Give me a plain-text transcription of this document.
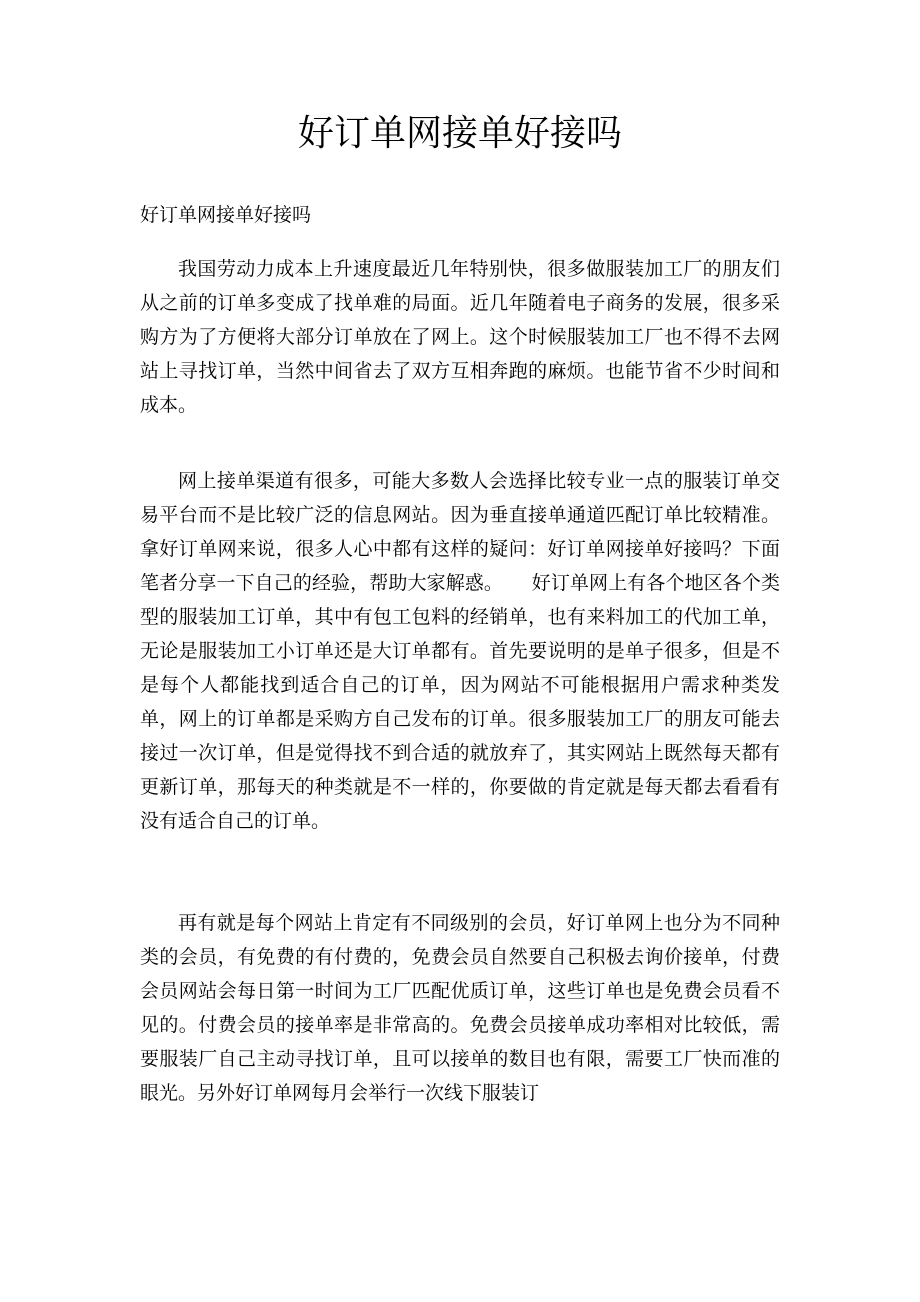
好订单网接单好接吗

好订单网接单好接吗

我国劳动力成本上升速度最近几年特别快，很多做服装加工厂的朋友们从之前的订单多变成了找单难的局面。近几年随着电子商务的发展，很多采购方为了方便将大部分订单放在了网上。这个时候服装加工厂也不得不去网站上寻找订单，当然中间省去了双方互相奔跑的麻烦。也能节省不少时间和成本。

网上接单渠道有很多，可能大多数人会选择比较专业一点的服装订单交易平台而不是比较广泛的信息网站。因为垂直接单通道匹配订单比较精准。拿好订单网来说，很多人心中都有这样的疑问：好订单网接单好接吗？下面笔者分享一下自己的经验，帮助大家解惑。　　好订单网上有各个地区各个类型的服装加工订单，其中有包工包料的经销单，也有来料加工的代加工单，无论是服装加工小订单还是大订单都有。首先要说明的是单子很多，但是不是每个人都能找到适合自己的订单，因为网站不可能根据用户需求种类发单，网上的订单都是采购方自己发布的订单。很多服装加工厂的朋友可能去接过一次订单，但是觉得找不到合适的就放弃了，其实网站上既然每天都有更新订单，那每天的种类就是不一样的，你要做的肯定就是每天都去看看有没有适合自己的订单。

再有就是每个网站上肯定有不同级别的会员，好订单网上也分为不同种类的会员，有免费的有付费的，免费会员自然要自己积极去询价接单，付费会员网站会每日第一时间为工厂匹配优质订单，这些订单也是免费会员看不见的。付费会员的接单率是非常高的。免费会员接单成功率相对比较低，需要服装厂自己主动寻找订单，且可以接单的数目也有限，需要工厂快而准的眼光。另外好订单网每月会举行一次线下服装订
